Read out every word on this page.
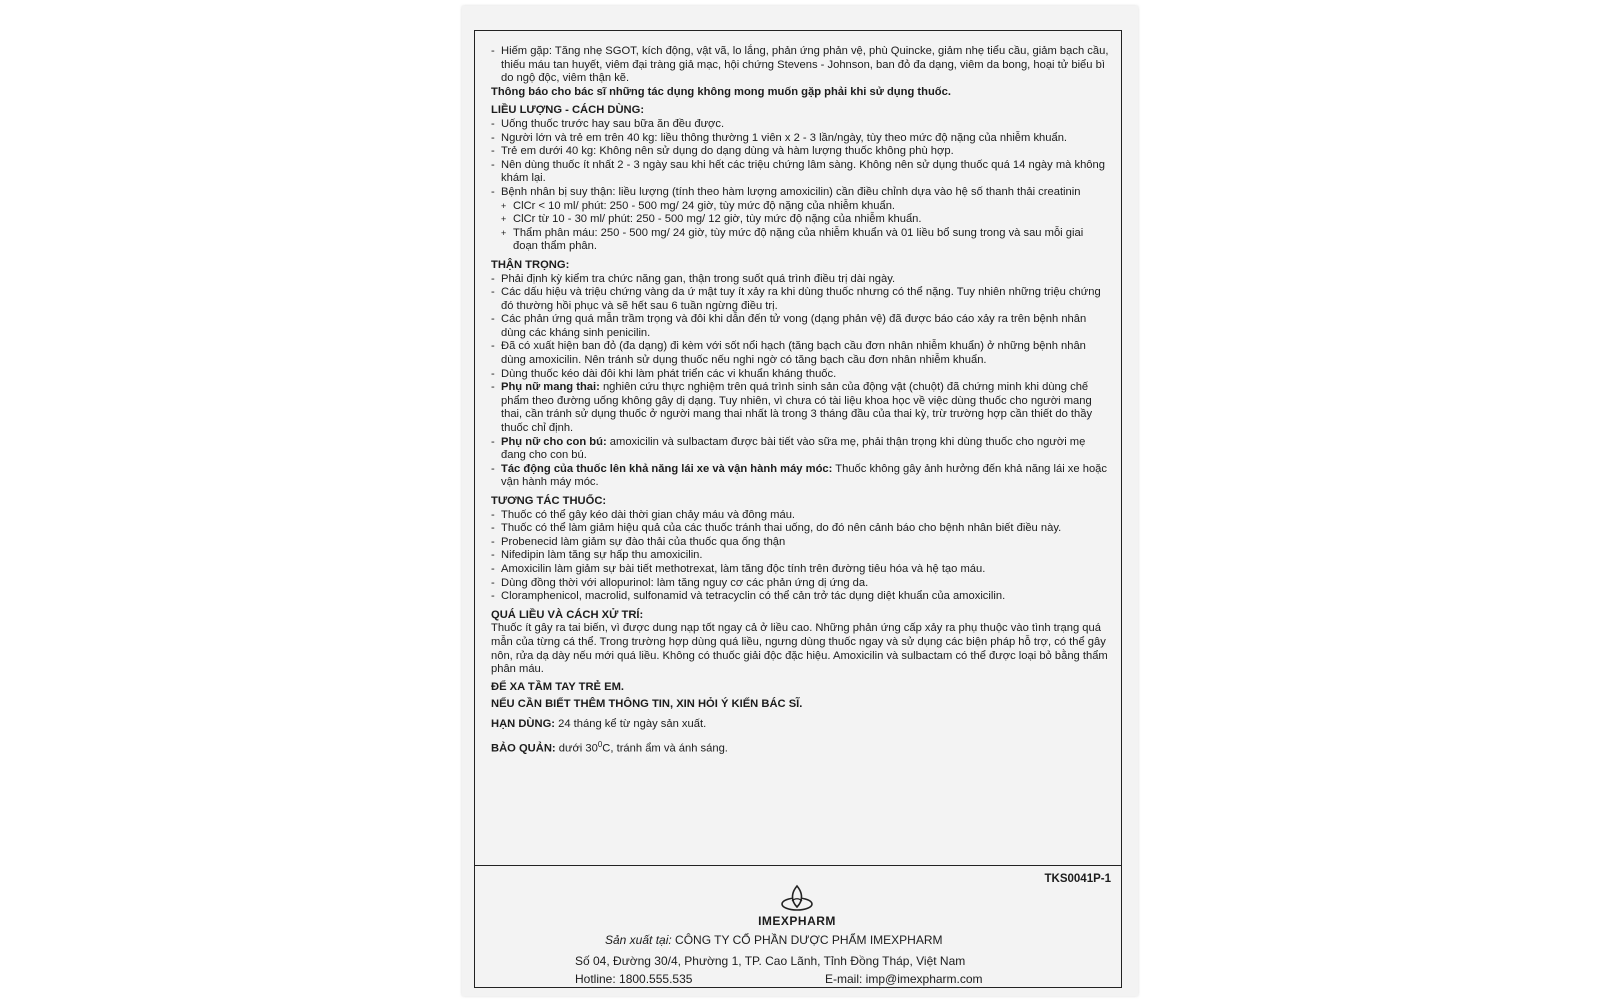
- Hiếm gặp: Tăng nhẹ SGOT, kích động, vật vã, lo lắng, phản ứng phản vệ, phù Quincke, giảm nhẹ tiểu cầu, giảm bạch cầu, thiếu máu tan huyết, viêm đại tràng giả mạc, hội chứng Stevens - Johnson, ban đỏ đa dạng, viêm da bong, hoại tử biểu bì do ngộ độc, viêm thận kẽ.

Thông báo cho bác sĩ những tác dụng không mong muốn gặp phải khi sử dụng thuốc.

LIỀU LƯỢNG - CÁCH DÙNG:
- Uống thuốc trước hay sau bữa ăn đều được.
- Người lớn và trẻ em trên 40 kg: liều thông thường 1 viên x 2 - 3 lần/ngày, tùy theo mức độ nặng của nhiễm khuẩn.
- Trẻ em dưới 40 kg: Không nên sử dụng do dạng dùng và hàm lượng thuốc không phù hợp.
- Nên dùng thuốc ít nhất 2 - 3 ngày sau khi hết các triệu chứng lâm sàng. Không nên sử dụng thuốc quá 14 ngày mà không khám lại.
- Bệnh nhân bị suy thận: liều lượng (tính theo hàm lượng amoxicilin) cần điều chỉnh dựa vào hệ số thanh thải creatinin
+ ClCr < 10 ml/ phút: 250 - 500 mg/ 24 giờ, tùy mức độ nặng của nhiễm khuẩn.
+ ClCr từ 10 - 30 ml/ phút: 250 - 500 mg/ 12 giờ, tùy mức độ nặng của nhiễm khuẩn.
+ Thẩm phân máu: 250 - 500 mg/ 24 giờ, tùy mức độ nặng của nhiễm khuẩn và 01 liều bổ sung trong và sau mỗi giai đoạn thẩm phân.
THẬN TRỌNG:
- Phải định kỳ kiểm tra chức năng gan, thận trong suốt quá trình điều trị dài ngày.
- Các dấu hiệu và triệu chứng vàng da ứ mật tuy ít xảy ra khi dùng thuốc nhưng có thể nặng. Tuy nhiên những triệu chứng đó thường hồi phục và sẽ hết sau 6 tuần ngừng điều trị.
- Các phản ứng quá mẫn trầm trọng và đôi khi dẫn đến tử vong (dạng phản vệ) đã được báo cáo xảy ra trên bệnh nhân dùng các kháng sinh penicilin.
- Đã có xuất hiện ban đỏ (đa dạng) đi kèm với sốt nổi hạch (tăng bạch cầu đơn nhân nhiễm khuẩn) ở những bệnh nhân dùng amoxicilin. Nên tránh sử dụng thuốc nếu nghi ngờ có tăng bạch cầu đơn nhân nhiễm khuẩn.
- Dùng thuốc kéo dài đôi khi làm phát triển các vi khuẩn kháng thuốc.
- Phụ nữ mang thai: nghiên cứu thực nghiệm trên quá trình sinh sản của động vật (chuột) đã chứng minh khi dùng chế phẩm theo đường uống không gây dị dạng. Tuy nhiên, vì chưa có tài liệu khoa học về việc dùng thuốc cho người mang thai, cần tránh sử dụng thuốc ở người mang thai nhất là trong 3 tháng đầu của thai kỳ, trừ trường hợp cần thiết do thầy thuốc chỉ định.
- Phụ nữ cho con bú: amoxicilin và sulbactam được bài tiết vào sữa mẹ, phải thận trọng khi dùng thuốc cho người mẹ đang cho con bú.
- Tác động của thuốc lên khả năng lái xe và vận hành máy móc: Thuốc không gây ảnh hưởng đến khả năng lái xe hoặc vận hành máy móc.
TƯƠNG TÁC THUỐC:
- Thuốc có thể gây kéo dài thời gian chảy máu và đông máu.
- Thuốc có thể làm giảm hiệu quả của các thuốc tránh thai uống, do đó nên cảnh báo cho bệnh nhân biết điều này.
- Probenecid làm giảm sự đào thải của thuốc qua ống thận
- Nifedipin làm tăng sự hấp thu amoxicilin.
- Amoxicilin làm giảm sự bài tiết methotrexat, làm tăng độc tính trên đường tiêu hóa và hệ tạo máu.
- Dùng đồng thời với allopurinol: làm tăng nguy cơ các phản ứng dị ứng da.
- Cloramphenicol, macrolid, sulfonamid và tetracyclin có thể cản trở tác dụng diệt khuẩn của amoxicilin.
QUÁ LIỀU VÀ CÁCH XỬ TRÍ:

Thuốc ít gây ra tai biến, vì được dung nạp tốt ngay cả ở liều cao. Những phản ứng cấp xảy ra phụ thuộc vào tình trạng quá mẫn của từng cá thể. Trong trường hợp dùng quá liều, ngưng dùng thuốc ngay và sử dụng các biện pháp hỗ trợ, có thể gây nôn, rửa dạ dày nếu mới quá liều. Không có thuốc giải độc đặc hiệu. Amoxicilin và sulbactam có thể được loại bỏ bằng thẩm phân máu.

ĐỂ XA TẦM TAY TRẺ EM.
NẾU CẦN BIẾT THÊM THÔNG TIN, XIN HỎI Ý KIẾN BÁC SĨ.
HẠN DÙNG: 24 tháng kể từ ngày sản xuất.
BẢO QUẢN: dưới $30^0C$, tránh ẩm và ánh sáng.
TKS0041P-1
IMEXPHARM
Sản xuất tại: CÔNG TY CỔ PHẦN DƯỢC PHẨM IMEXPHARM
Số 04, Đường 30/4, Phường 1, TP. Cao Lãnh, Tỉnh Đồng Tháp, Việt Nam
Hotline: 1800.555.535	E-mail: imp@imexpharm.com
